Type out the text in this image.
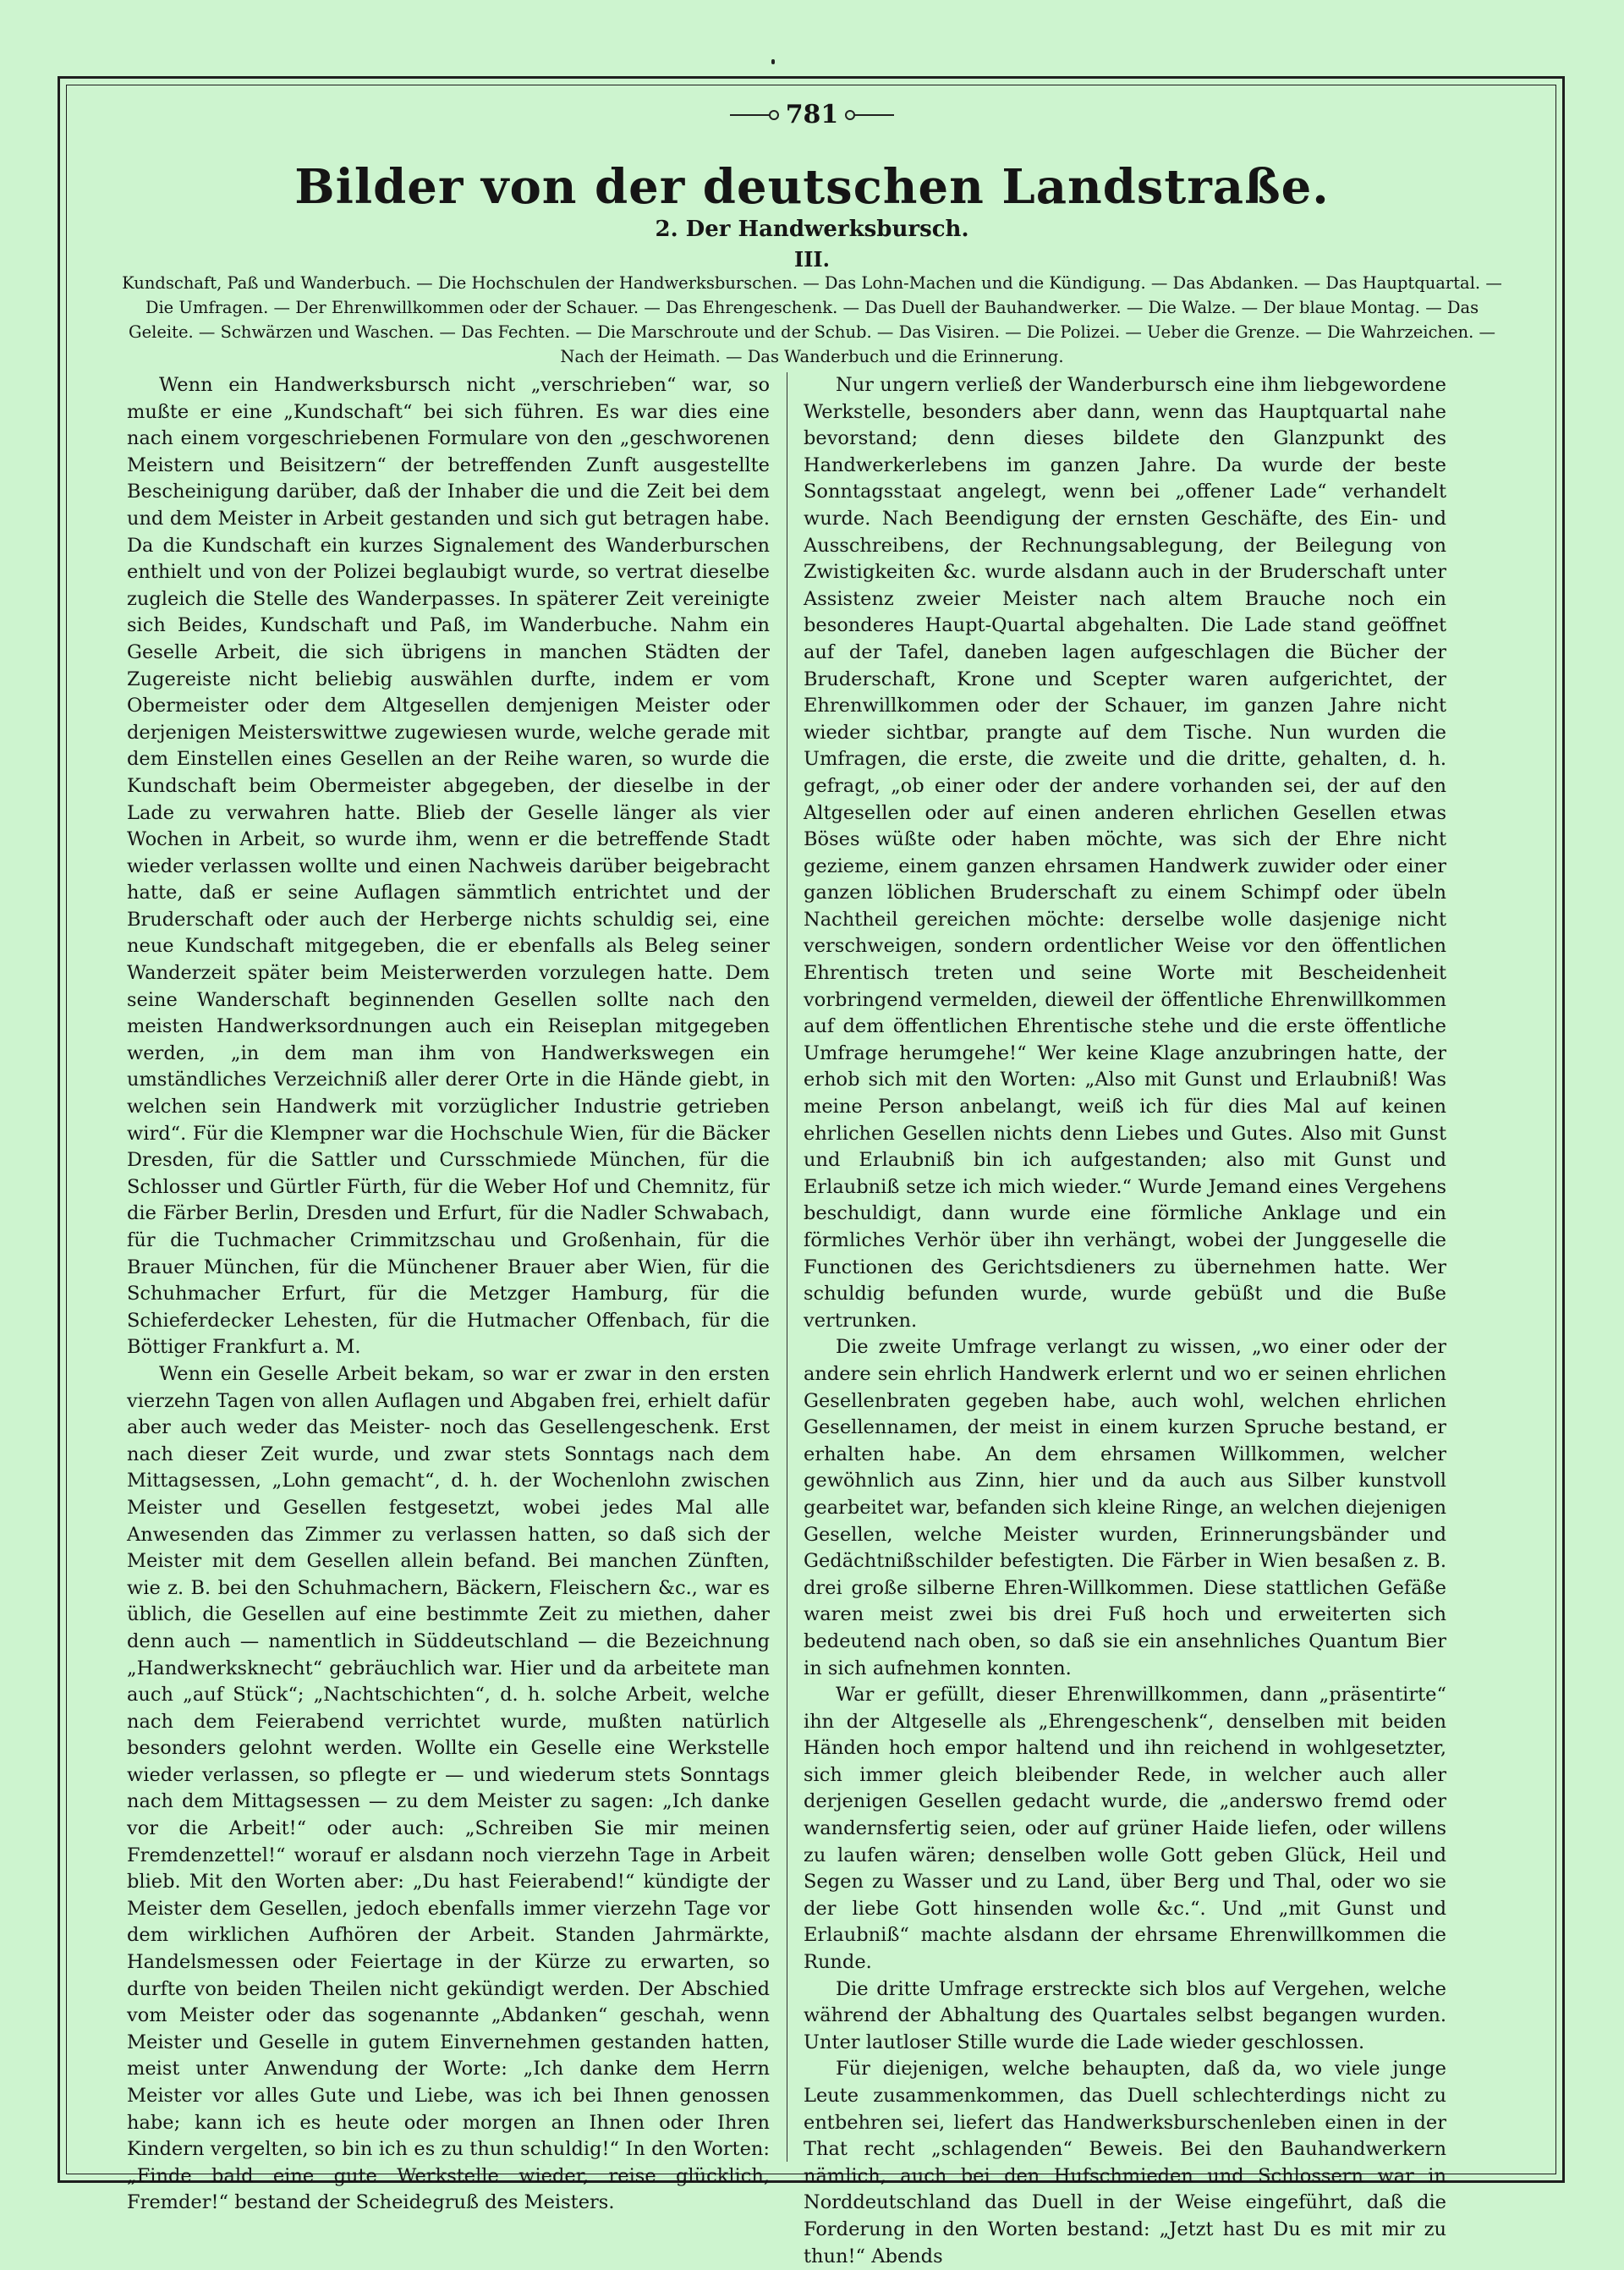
781
Bilder von der deutschen Landstraße.
2. Der Handwerksbursch.
III.
Kundschaft, Paß und Wanderbuch. — Die Hochschulen der Handwerksburschen. — Das Lohn-Machen und die Kündigung. — Das Abdanken. — Das Hauptquartal. — Die Umfragen. — Der Ehrenwillkommen oder der Schauer. — Das Ehrengeschenk. — Das Duell der Bauhandwerker. — Die Walze. — Der blaue Montag. — Das Geleite. — Schwärzen und Waschen. — Das Fechten. — Die Marschroute und der Schub. — Das Visiren. — Die Polizei. — Ueber die Grenze. — Die Wahrzeichen. — Nach der Heimath. — Das Wanderbuch und die Erinnerung.

Wenn ein Handwerksbursch nicht „verschrieben“ war, so mußte er eine „Kundschaft“ bei sich führen. Es war dies eine nach einem vorgeschriebenen Formulare von den „geschworenen Meistern und Beisitzern“ der betreffenden Zunft ausgestellte Bescheinigung darüber, daß der Inhaber die und die Zeit bei dem und dem Meister in Arbeit gestanden und sich gut betragen habe. Da die Kundschaft ein kurzes Signalement des Wanderburschen enthielt und von der Polizei beglaubigt wurde, so vertrat dieselbe zugleich die Stelle des Wanderpasses. In späterer Zeit vereinigte sich Beides, Kundschaft und Paß, im Wanderbuche. Nahm ein Geselle Arbeit, die sich übrigens in manchen Städten der Zugereiste nicht beliebig auswählen durfte, indem er vom Obermeister oder dem Altgesellen demjenigen Meister oder derjenigen Meisterswittwe zugewiesen wurde, welche gerade mit dem Einstellen eines Gesellen an der Reihe waren, so wurde die Kundschaft beim Obermeister abgegeben, der dieselbe in der Lade zu verwahren hatte. Blieb der Geselle länger als vier Wochen in Arbeit, so wurde ihm, wenn er die betreffende Stadt wieder verlassen wollte und einen Nachweis darüber beigebracht hatte, daß er seine Auflagen sämmtlich entrichtet und der Bruderschaft oder auch der Herberge nichts schuldig sei, eine neue Kundschaft mitgegeben, die er ebenfalls als Beleg seiner Wanderzeit später beim Meisterwerden vorzulegen hatte. Dem seine Wanderschaft beginnenden Gesellen sollte nach den meisten Handwerksordnungen auch ein Reiseplan mitgegeben werden, „in dem man ihm von Handwerkswegen ein umständliches Verzeichniß aller derer Orte in die Hände giebt, in welchen sein Handwerk mit vorzüglicher Industrie getrieben wird“. Für die Klempner war die Hochschule Wien, für die Bäcker Dresden, für die Sattler und Cursschmiede München, für die Schlosser und Gürtler Fürth, für die Weber Hof und Chemnitz, für die Färber Berlin, Dresden und Erfurt, für die Nadler Schwabach, für die Tuchmacher Crimmitzschau und Großenhain, für die Brauer München, für die Münchener Brauer aber Wien, für die Schuhmacher Erfurt, für die Metzger Hamburg, für die Schieferdecker Lehesten, für die Hutmacher Offenbach, für die Böttiger Frankfurt a. M.

Wenn ein Geselle Arbeit bekam, so war er zwar in den ersten vierzehn Tagen von allen Auflagen und Abgaben frei, erhielt dafür aber auch weder das Meister- noch das Gesellengeschenk. Erst nach dieser Zeit wurde, und zwar stets Sonntags nach dem Mittagsessen, „Lohn gemacht“, d. h. der Wochenlohn zwischen Meister und Gesellen festgesetzt, wobei jedes Mal alle Anwesenden das Zimmer zu verlassen hatten, so daß sich der Meister mit dem Gesellen allein befand. Bei manchen Zünften, wie z. B. bei den Schuhmachern, Bäckern, Fleischern &c., war es üblich, die Gesellen auf eine bestimmte Zeit zu miethen, daher denn auch — namentlich in Süddeutschland — die Bezeichnung „Handwerksknecht“ gebräuchlich war. Hier und da arbeitete man auch „auf Stück“; „Nachtschichten“, d. h. solche Arbeit, welche nach dem Feierabend verrichtet wurde, mußten natürlich besonders gelohnt werden. Wollte ein Geselle eine Werkstelle wieder verlassen, so pflegte er — und wiederum stets Sonntags nach dem Mittagsessen — zu dem Meister zu sagen: „Ich danke vor die Arbeit!“ oder auch: „Schreiben Sie mir meinen Fremdenzettel!“ worauf er alsdann noch vierzehn Tage in Arbeit blieb. Mit den Worten aber: „Du hast Feierabend!“ kündigte der Meister dem Gesellen, jedoch ebenfalls immer vierzehn Tage vor dem wirklichen Aufhören der Arbeit. Standen Jahrmärkte, Handelsmessen oder Feiertage in der Kürze zu erwarten, so durfte von beiden Theilen nicht gekündigt werden. Der Abschied vom Meister oder das sogenannte „Abdanken“ geschah, wenn Meister und Geselle in gutem Einvernehmen gestanden hatten, meist unter Anwendung der Worte: „Ich danke dem Herrn Meister vor alles Gute und Liebe, was ich bei Ihnen genossen habe; kann ich es heute oder morgen an Ihnen oder Ihren Kindern vergelten, so bin ich es zu thun schuldig!“ In den Worten: „Finde bald eine gute Werkstelle wieder, reise glücklich, Fremder!“ bestand der Scheidegruß des Meisters.

Nur ungern verließ der Wanderbursch eine ihm liebgewordene Werkstelle, besonders aber dann, wenn das Hauptquartal nahe bevorstand; denn dieses bildete den Glanzpunkt des Handwerkerlebens im ganzen Jahre. Da wurde der beste Sonntagsstaat angelegt, wenn bei „offener Lade“ verhandelt wurde. Nach Beendigung der ernsten Geschäfte, des Ein- und Ausschreibens, der Rechnungsablegung, der Beilegung von Zwistigkeiten &c. wurde alsdann auch in der Bruderschaft unter Assistenz zweier Meister nach altem Brauche noch ein besonderes Haupt-Quartal abgehalten. Die Lade stand geöffnet auf der Tafel, daneben lagen aufgeschlagen die Bücher der Bruderschaft, Krone und Scepter waren aufgerichtet, der Ehrenwillkommen oder der Schauer, im ganzen Jahre nicht wieder sichtbar, prangte auf dem Tische. Nun wurden die Umfragen, die erste, die zweite und die dritte, gehalten, d. h. gefragt, „ob einer oder der andere vorhanden sei, der auf den Altgesellen oder auf einen anderen ehrlichen Gesellen etwas Böses wüßte oder haben möchte, was sich der Ehre nicht gezieme, einem ganzen ehrsamen Handwerk zuwider oder einer ganzen löblichen Bruderschaft zu einem Schimpf oder übeln Nachtheil gereichen möchte: derselbe wolle dasjenige nicht verschweigen, sondern ordentlicher Weise vor den öffentlichen Ehrentisch treten und seine Worte mit Bescheidenheit vorbringend vermelden, dieweil der öffentliche Ehrenwillkommen auf dem öffentlichen Ehrentische stehe und die erste öffentliche Umfrage herumgehe!“ Wer keine Klage anzubringen hatte, der erhob sich mit den Worten: „Also mit Gunst und Erlaubniß! Was meine Person anbelangt, weiß ich für dies Mal auf keinen ehrlichen Gesellen nichts denn Liebes und Gutes. Also mit Gunst und Erlaubniß bin ich aufgestanden; also mit Gunst und Erlaubniß setze ich mich wieder.“ Wurde Jemand eines Vergehens beschuldigt, dann wurde eine förmliche Anklage und ein förmliches Verhör über ihn verhängt, wobei der Junggeselle die Functionen des Gerichtsdieners zu übernehmen hatte. Wer schuldig befunden wurde, wurde gebüßt und die Buße vertrunken.

Die zweite Umfrage verlangt zu wissen, „wo einer oder der andere sein ehrlich Handwerk erlernt und wo er seinen ehrlichen Gesellenbraten gegeben habe, auch wohl, welchen ehrlichen Gesellennamen, der meist in einem kurzen Spruche bestand, er erhalten habe. An dem ehrsamen Willkommen, welcher gewöhnlich aus Zinn, hier und da auch aus Silber kunstvoll gearbeitet war, befanden sich kleine Ringe, an welchen diejenigen Gesellen, welche Meister wurden, Erinnerungsbänder und Gedächtnißschilder befestigten. Die Färber in Wien besaßen z. B. drei große silberne Ehren-Willkommen. Diese stattlichen Gefäße waren meist zwei bis drei Fuß hoch und erweiterten sich bedeutend nach oben, so daß sie ein ansehnliches Quantum Bier in sich aufnehmen konnten.

War er gefüllt, dieser Ehrenwillkommen, dann „präsentirte“ ihn der Altgeselle als „Ehrengeschenk“, denselben mit beiden Händen hoch empor haltend und ihn reichend in wohlgesetzter, sich immer gleich bleibender Rede, in welcher auch aller derjenigen Gesellen gedacht wurde, die „anderswo fremd oder wandernsfertig seien, oder auf grüner Haide liefen, oder willens zu laufen wären; denselben wolle Gott geben Glück, Heil und Segen zu Wasser und zu Land, über Berg und Thal, oder wo sie der liebe Gott hinsenden wolle &c.“. Und „mit Gunst und Erlaubniß“ machte alsdann der ehrsame Ehrenwillkommen die Runde.

Die dritte Umfrage erstreckte sich blos auf Vergehen, welche während der Abhaltung des Quartales selbst begangen wurden. Unter lautloser Stille wurde die Lade wieder geschlossen.

Für diejenigen, welche behaupten, daß da, wo viele junge Leute zusammenkommen, das Duell schlechterdings nicht zu entbehren sei, liefert das Handwerksburschenleben einen in der That recht „schlagenden“ Beweis. Bei den Bauhandwerkern nämlich, auch bei den Hufschmieden und Schlossern war in Norddeutschland das Duell in der Weise eingeführt, daß die Forderung in den Worten bestand: „Jetzt hast Du es mit mir zu thun!“ Abends
